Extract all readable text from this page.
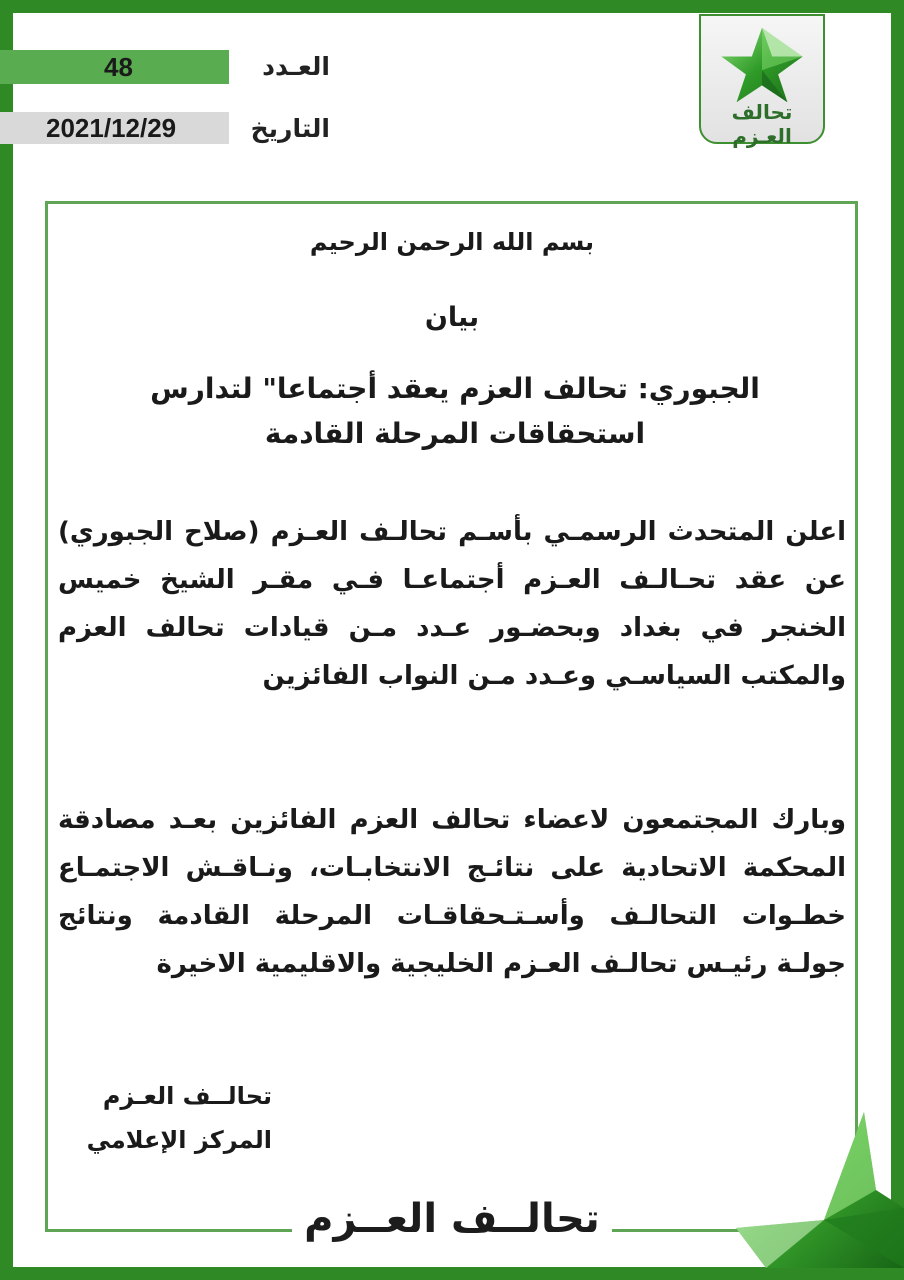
تحالف العـزم
48	العـدد
2021/12/29	التاريخ
بسم الله الرحمن الرحيم
بيان
الجبوري: تحالف العزم يعقد أجتماعا" لتدارس استحقاقات المرحلة القادمة
اعلن المتحدث الرسمـي بأسـم تحالـف العـزم (صلاح الجبوري) عن عقد تحـالـف العـزم أجتماعـا فـي مقـر الشيخ خميس الخنجر في بغداد وبحضـور عـدد مـن قيادات تحالف العزم والمكتب السياسـي وعـدد مـن النواب الفائزين
وبارك المجتمعون لاعضاء تحالف العزم الفائزين بعـد مصادقة المحكمة الاتحادية على نتائـج الانتخابـات، ونـاقـش الاجتمـاع خطـوات التحالـف وأسـتـحقاقـات المرحلة القادمة ونتائج جولـة رئيـس تحالـف العـزم الخليجية والاقليمية الاخيرة
تحالــف العـزم
المركز الإعلامي
تحالــف العــزم
